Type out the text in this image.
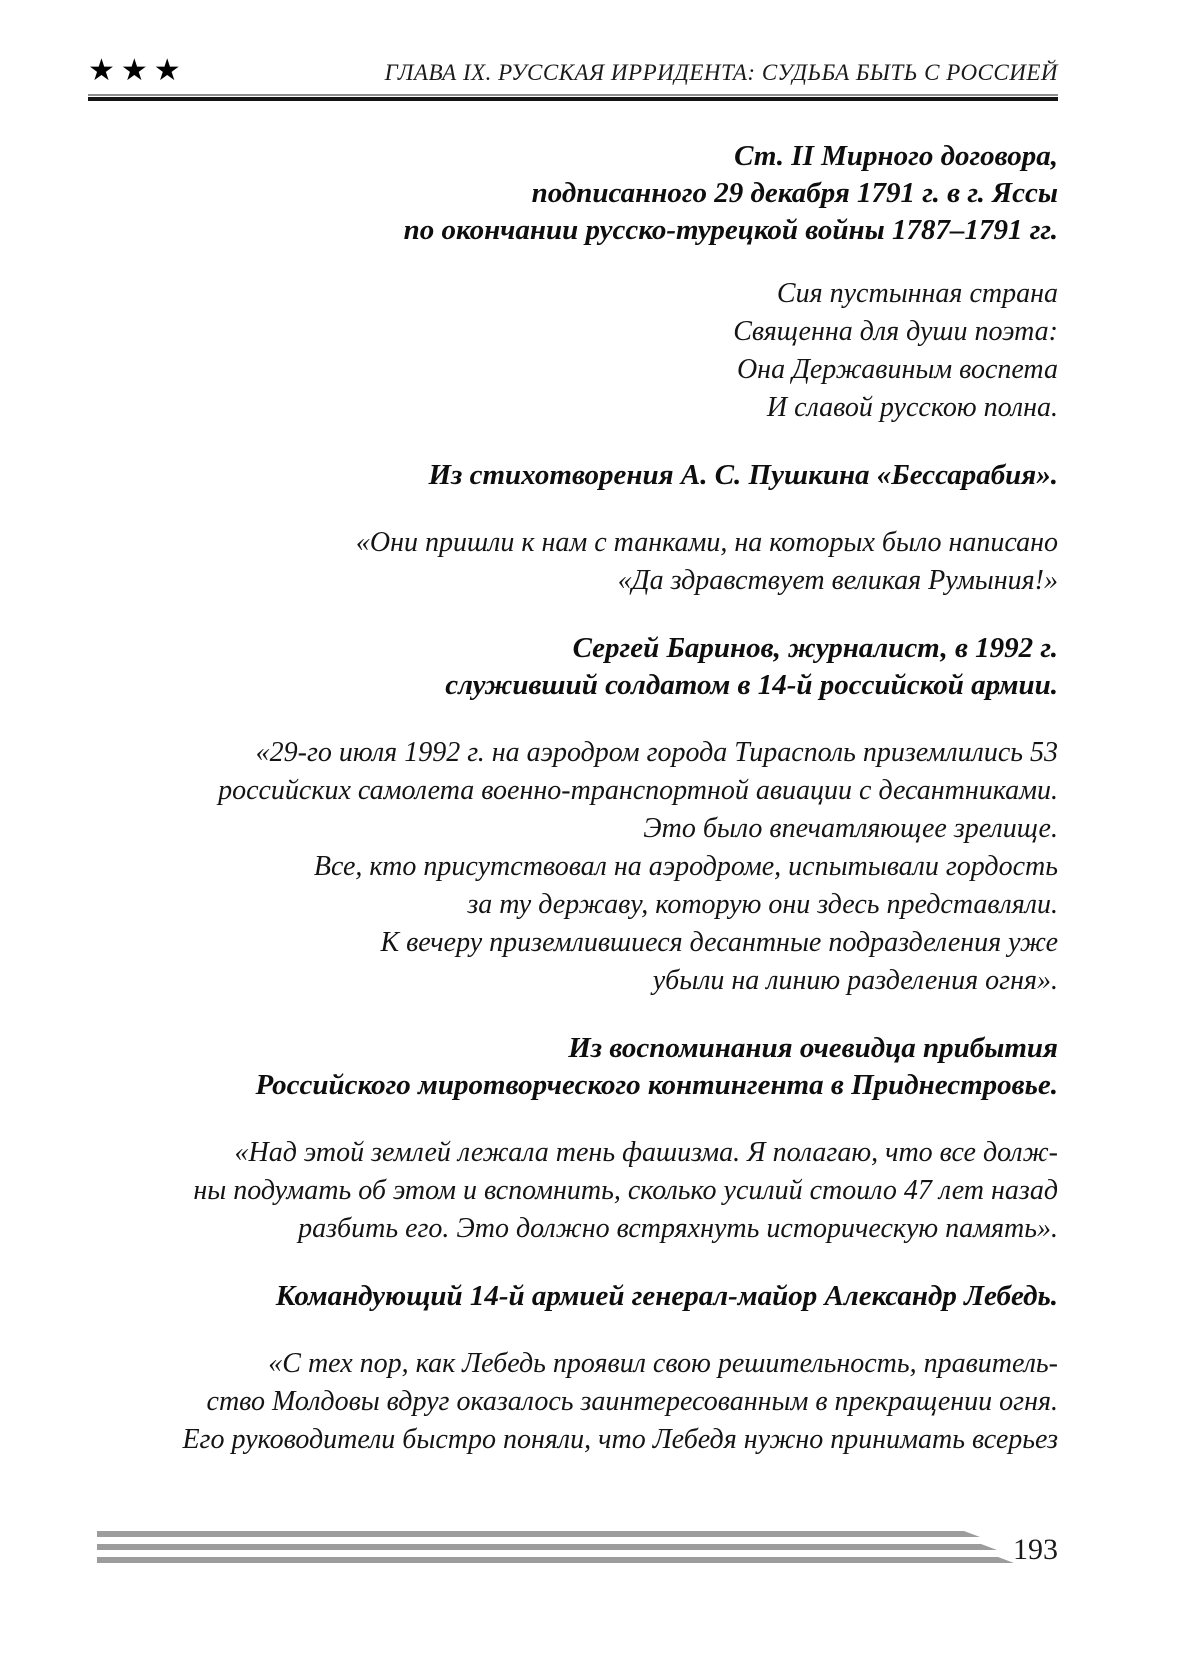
★★★	ГЛАВА IX. РУССКАЯ ИРРИДЕНТА: СУДЬБА БЫТЬ С РОССИЕЙ
Ст. II Мирного договора,
подписанного 29 декабря 1791 г. в г. Яссы
по окончании русско-турецкой войны 1787–1791 гг.
Сия пустынная страна
Священна для души поэта:
Она Державиным воспета
И славой русскою полна.
Из стихотворения А. С. Пушкина «Бессарабия».
«Они пришли к нам с танками, на которых было написано
«Да здравствует великая Румыния!»
Сергей Баринов, журналист, в 1992 г.
служивший солдатом в 14-й российской армии.
«29-го июля 1992 г. на аэродром города Тирасполь приземлились 53
российских самолета военно-транспортной авиации с десантниками.
Это было впечатляющее зрелище.
Все, кто присутствовал на аэродроме, испытывали гордость
за ту державу, которую они здесь представляли.
К вечеру приземлившиеся десантные подразделения уже
убыли на линию разделения огня».
Из воспоминания очевидца прибытия
Российского миротворческого контингента в Приднестровье.
«Над этой землей лежала тень фашизма. Я полагаю, что все долж-
ны подумать об этом и вспомнить, сколько усилий стоило 47 лет назад
разбить его. Это должно встряхнуть историческую память».
Командующий 14-й армией генерал-майор Александр Лебедь.
«С тех пор, как Лебедь проявил свою решительность, правитель-
ство Молдовы вдруг оказалось заинтересованным в прекращении огня.
Его руководители быстро поняли, что Лебедя нужно принимать всерьез
193
